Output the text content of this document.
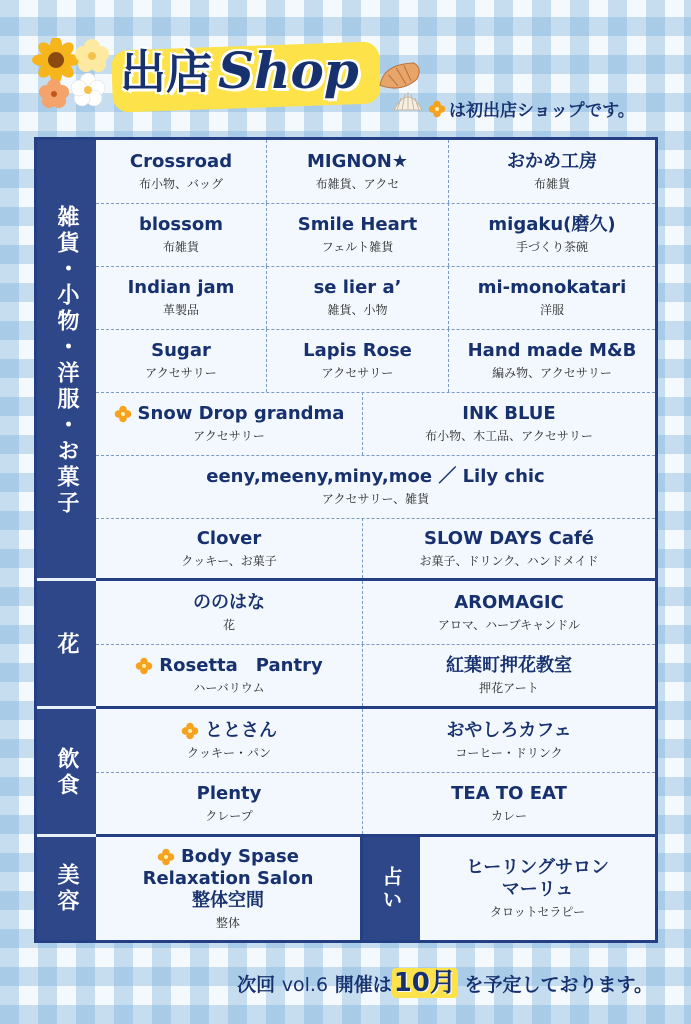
出店 Shop
は初出店ショップです。
雑貨・小物・洋服・お菓子
花
飲食
美容
Crossroad
布小物、バッグ
MIGNON★
布雑貨、アクセ
おかめ工房
布雑貨
blossom
布雑貨
Smile Heart
フェルト雑貨
migaku(磨久)
手づくり茶碗
Indian jam
革製品
se lier a’
雑貨、小物
mi-monokatari
洋服
Sugar
アクセサリー
Lapis Rose
アクセサリー
Hand made M&B
編み物、アクセサリー
Snow Drop grandma
アクセサリー
INK BLUE
布小物、木工品、アクセサリー
eeny,meeny,miny,moe ／ Lily chic
アクセサリー、雑貨
Clover
クッキー、お菓子
SLOW DAYS Café
お菓子、ドリンク、ハンドメイド
ののはな
花
AROMAGIC
アロマ、ハーブキャンドル
Rosetta　Pantry
ハーバリウム
紅葉町押花教室
押花アート
ととさん
クッキー・パン
おやしろカフェ
コーヒー・ドリンク
Plenty
クレープ
TEA TO EAT
カレー
Body Spase
Relaxation Salon
整体空間
整体
占い	ヒーリングサロン
マーリュ
タロットセラピー
次回 vol.6 開催は10月 を予定しております。
